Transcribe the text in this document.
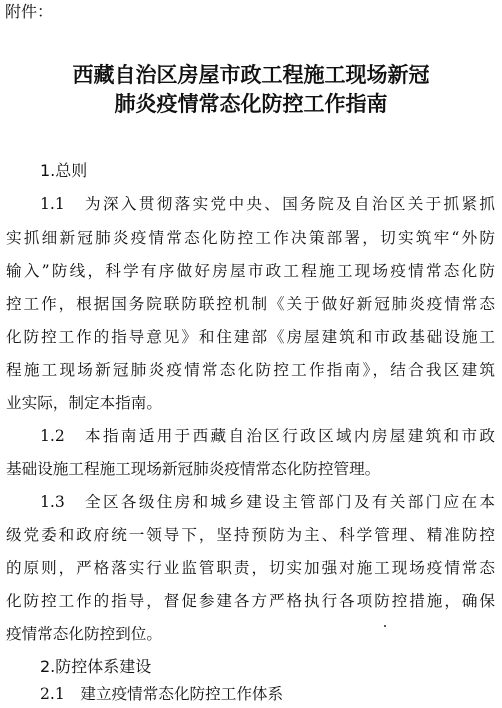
附件：
西藏自治区房屋市政工程施工现场新冠
肺炎疫情常态化防控工作指南
1.总则
1.1　为深入贯彻落实党中央、国务院及自治区关于抓紧抓
实抓细新冠肺炎疫情常态化防控工作决策部署，切实筑牢“外防
输入”防线，科学有序做好房屋市政工程施工现场疫情常态化防
控工作，根据国务院联防联控机制《关于做好新冠肺炎疫情常态
化防控工作的指导意见》和住建部《房屋建筑和市政基础设施工
程施工现场新冠肺炎疫情常态化防控工作指南》，结合我区建筑
业实际，制定本指南。
1.2　本指南适用于西藏自治区行政区域内房屋建筑和市政
基础设施工程施工现场新冠肺炎疫情常态化防控管理。
1.3　全区各级住房和城乡建设主管部门及有关部门应在本
级党委和政府统一领导下，坚持预防为主、科学管理、精准防控
的原则，严格落实行业监管职责，切实加强对施工现场疫情常态
化防控工作的指导，督促参建各方严格执行各项防控措施，确保
疫情常态化防控到位。
2.防控体系建设
2.1　建立疫情常态化防控工作体系
